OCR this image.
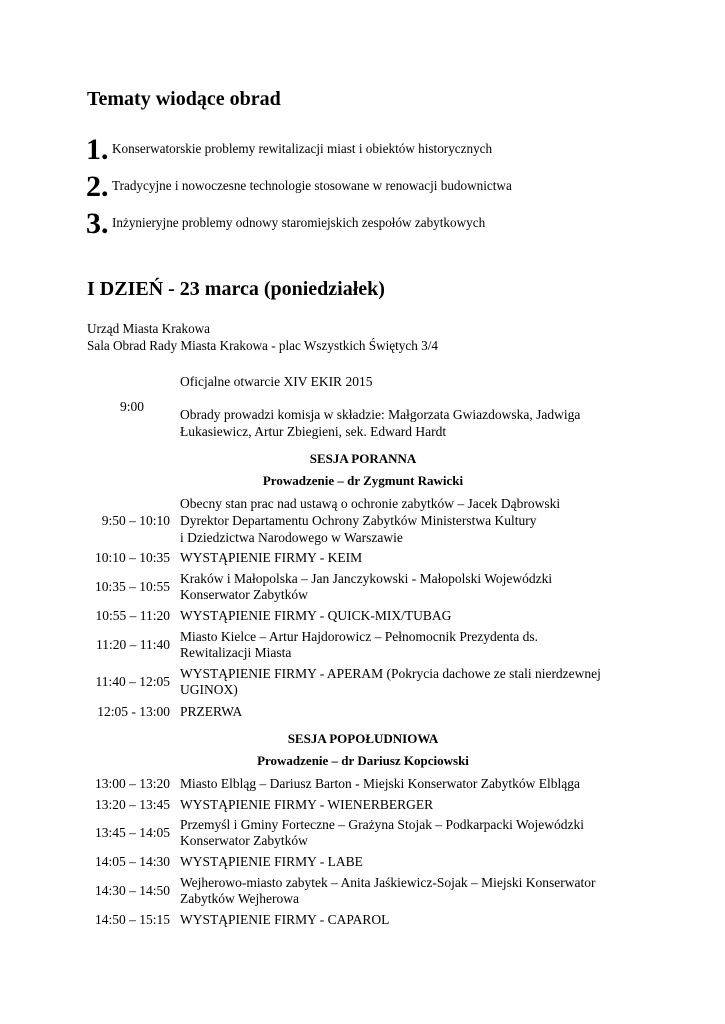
Tematy wiodące obrad
1. Konserwatorskie problemy rewitalizacji miast i obiektów historycznych
2. Tradycyjne i nowoczesne technologie stosowane w renowacji budownictwa
3. Inżynieryjne problemy odnowy staromiejskich zespołów zabytkowych
I DZIEŃ - 23 marca (poniedziałek)
Urząd Miasta Krakowa
Sala Obrad Rady Miasta Krakowa - plac Wszystkich Świętych 3/4
Oficjalne otwarcie XIV EKIR 2015
9:00
Obrady prowadzi komisja w składzie: Małgorzata Gwiazdowska, Jadwiga
Łukasiewicz, Artur Zbiegieni, sek. Edward Hardt
SESJA PORANNA
Prowadzenie – dr Zygmunt Rawicki
Obecny stan prac nad ustawą o ochronie zabytków – Jacek Dąbrowski
9:50 – 10:10 Dyrektor Departamentu Ochrony Zabytków Ministerstwa Kultury
i Dziedzictwa Narodowego w Warszawie
10:10 – 10:35 WYSTĄPIENIE FIRMY - KEIM
Kraków i Małopolska – Jan Janczykowski - Małopolski Wojewódzki
10:35 – 10:55
Konserwator Zabytków
10:55 – 11:20 WYSTĄPIENIE FIRMY - QUICK-MIX/TUBAG
Miasto Kielce – Artur Hajdorowicz – Pełnomocnik Prezydenta ds.
11:20 – 11:40
Rewitalizacji Miasta
WYSTĄPIENIE FIRMY - APERAM (Pokrycia dachowe ze stali nierdzewnej
11:40 – 12:05
UGINOX)
12:05 - 13:00 PRZERWA
SESJA POPOŁUDNIOWA
Prowadzenie – dr Dariusz Kopciowski
13:00 – 13:20 Miasto Elbląg – Dariusz Barton - Miejski Konserwator Zabytków Elbląga
13:20 – 13:45 WYSTĄPIENIE FIRMY - WIENERBERGER
Przemyśl i Gminy Forteczne – Grażyna Stojak – Podkarpacki Wojewódzki
13:45 – 14:05
Konserwator Zabytków
14:05 – 14:30 WYSTĄPIENIE FIRMY - LABE
Wejherowo-miasto zabytek – Anita Jaśkiewicz-Sojak – Miejski Konserwator
14:30 – 14:50
Zabytków Wejherowa
14:50 – 15:15 WYSTĄPIENIE FIRMY - CAPAROL
